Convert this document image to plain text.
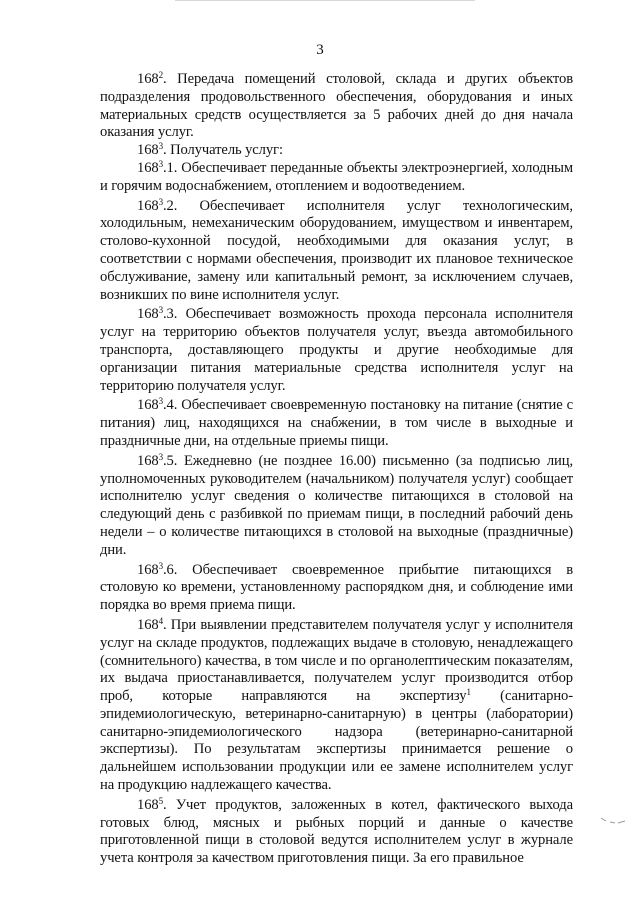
3

$168^2$. Передача помещений столовой, склада и других объектов подразделения продовольственного обеспечения, оборудования и иных материальных средств осуществляется за 5 рабочих дней до дня начала оказания услуг.

$168^3$. Получатель услуг:

$168^3.1$. Обеспечивает переданные объекты электроэнергией, холодным и горячим водоснабжением, отоплением и водоотведением.

$168^3.2$. Обеспечивает исполнителя услуг технологическим, холодильным, немеханическим оборудованием, имуществом и инвентарем, столово-кухонной посудой, необходимыми для оказания услуг, в соответствии с нормами обеспечения, производит их плановое техническое обслуживание, замену или капитальный ремонт, за исключением случаев, возникших по вине исполнителя услуг.

$168^3.3$. Обеспечивает возможность прохода персонала исполнителя услуг на территорию объектов получателя услуг, въезда автомобильного транспорта, доставляющего продукты и другие необходимые для организации питания материальные средства исполнителя услуг на территорию получателя услуг.

$168^3.4$. Обеспечивает своевременную постановку на питание (снятие с питания) лиц, находящихся на снабжении, в том числе в выходные и праздничные дни, на отдельные приемы пищи.

$168^3.5$. Ежедневно (не позднее 16.00) письменно (за подписью лиц, уполномоченных руководителем (начальником) получателя услуг) сообщает исполнителю услуг сведения о количестве питающихся в столовой на следующий день с разбивкой по приемам пищи, в последний рабочий день недели – о количестве питающихся в столовой на выходные (праздничные) дни.

$168^3.6$. Обеспечивает своевременное прибытие питающихся в столовую ко времени, установленному распорядком дня, и соблюдение ими порядка во время приема пищи.

$168^4$. При выявлении представителем получателя услуг у исполнителя услуг на складе продуктов, подлежащих выдаче в столовую, ненадлежащего (сомнительного) качества, в том числе и по органолептическим показателям, их выдача приостанавливается, получателем услуг производится отбор проб, которые направляются на экспертизу$^1$ (санитарно-эпидемиологическую, ветеринарно-санитарную) в центры (лаборатории) санитарно-эпидемиологического надзора (ветеринарно-санитарной экспертизы). По результатам экспертизы принимается решение о дальнейшем использовании продукции или ее замене исполнителем услуг на продукцию надлежащего качества.

$168^5$. Учет продуктов, заложенных в котел, фактического выхода готовых блюд, мясных и рыбных порций и данные о качестве приготовленной пищи в столовой ведутся исполнителем услуг в журнале учета контроля за качеством приготовления пищи. За его правильное
